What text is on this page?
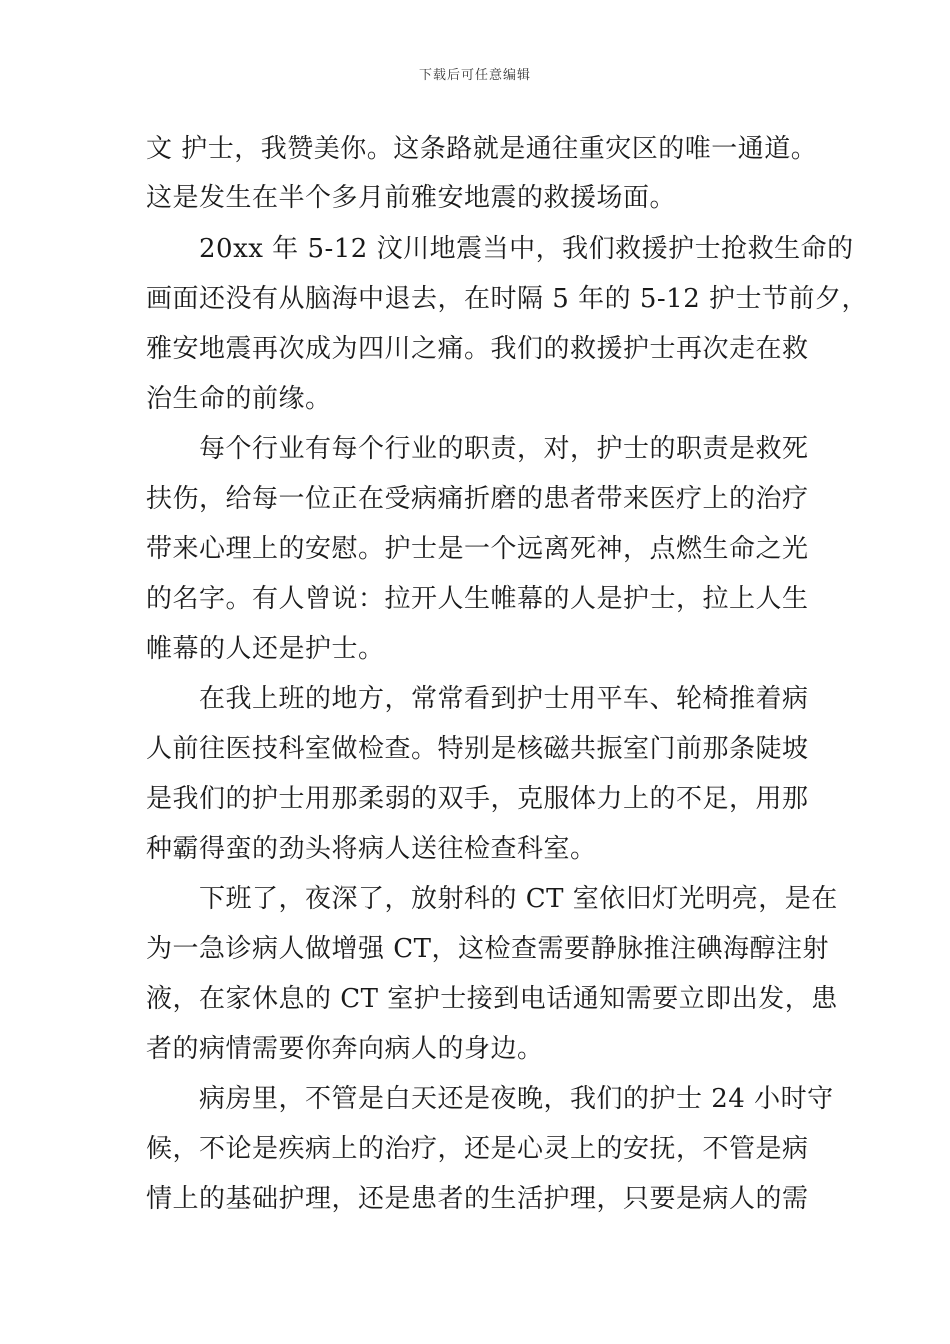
下载后可任意编辑
文 护士，我赞美你。这条路就是通往重灾区的唯一通道。
这是发生在半个多月前雅安地震的救援场面。
　　20xx 年 5-12 汶川地震当中，我们救援护士抢救生命的
画面还没有从脑海中退去，在时隔 5 年的 5-12 护士节前夕，
雅安地震再次成为四川之痛。我们的救援护士再次走在救
治生命的前缘。
　　每个行业有每个行业的职责，对，护士的职责是救死
扶伤，给每一位正在受病痛折磨的患者带来医疗上的治疗
带来心理上的安慰。护士是一个远离死神，点燃生命之光
的名字。有人曾说：拉开人生帷幕的人是护士，拉上人生
帷幕的人还是护士。
　　在我上班的地方，常常看到护士用平车、轮椅推着病
人前往医技科室做检查。特别是核磁共振室门前那条陡坡
是我们的护士用那柔弱的双手，克服体力上的不足，用那
种霸得蛮的劲头将病人送往检查科室。
　　下班了，夜深了，放射科的 CT 室依旧灯光明亮，是在
为一急诊病人做增强 CT，这检查需要静脉推注碘海醇注射
液，在家休息的 CT 室护士接到电话通知需要立即出发，患
者的病情需要你奔向病人的身边。
　　病房里，不管是白天还是夜晚，我们的护士 24 小时守
候，不论是疾病上的治疗，还是心灵上的安抚，不管是病
情上的基础护理，还是患者的生活护理，只要是病人的需
